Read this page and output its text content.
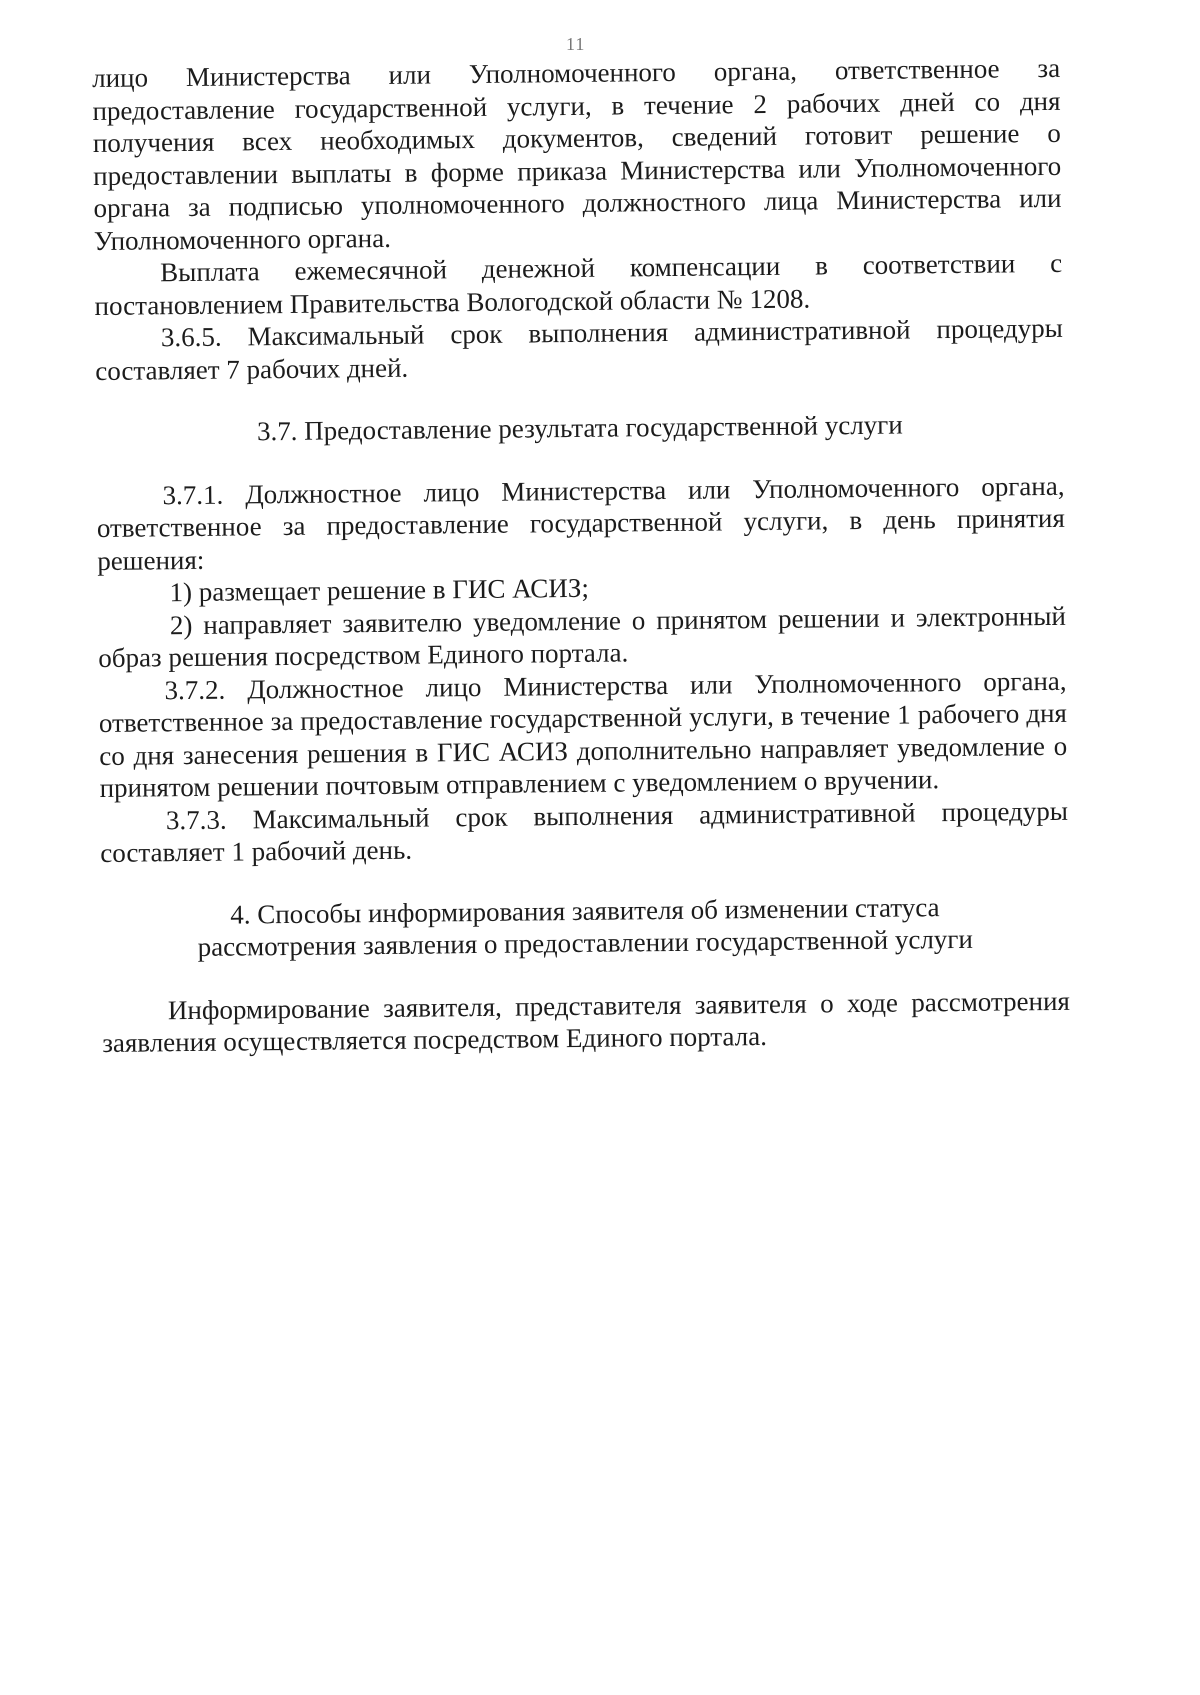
11

лицо Министерства или Уполномоченного органа, ответственное за предоставление государственной услуги, в течение 2 рабочих дней со дня получения всех необходимых документов, сведений готовит решение о предоставлении выплаты в форме приказа Министерства или Уполномоченного органа за подписью уполномоченного должностного лица Министерства или Уполномоченного органа.

Выплата ежемесячной денежной компенсации в соответствии с постановлением Правительства Вологодской области № 1208.

3.6.5. Максимальный срок выполнения административной процедуры составляет 7 рабочих дней.

3.7. Предоставление результата государственной услуги

3.7.1. Должностное лицо Министерства или Уполномоченного органа, ответственное за предоставление государственной услуги, в день принятия решения:

1) размещает решение в ГИС АСИЗ;

2) направляет заявителю уведомление о принятом решении и электронный образ решения посредством Единого портала.

3.7.2. Должностное лицо Министерства или Уполномоченного органа, ответственное за предоставление государственной услуги, в течение 1 рабочего дня со дня занесения решения в ГИС АСИЗ дополнительно направляет уведомление о принятом решении почтовым отправлением с уведомлением о вручении.

3.7.3. Максимальный срок выполнения административной процедуры составляет 1 рабочий день.

4. Способы информирования заявителя об изменении статуса

рассмотрения заявления о предоставлении государственной услуги

Информирование заявителя, представителя заявителя о ходе рассмотрения заявления осуществляется посредством Единого портала.
